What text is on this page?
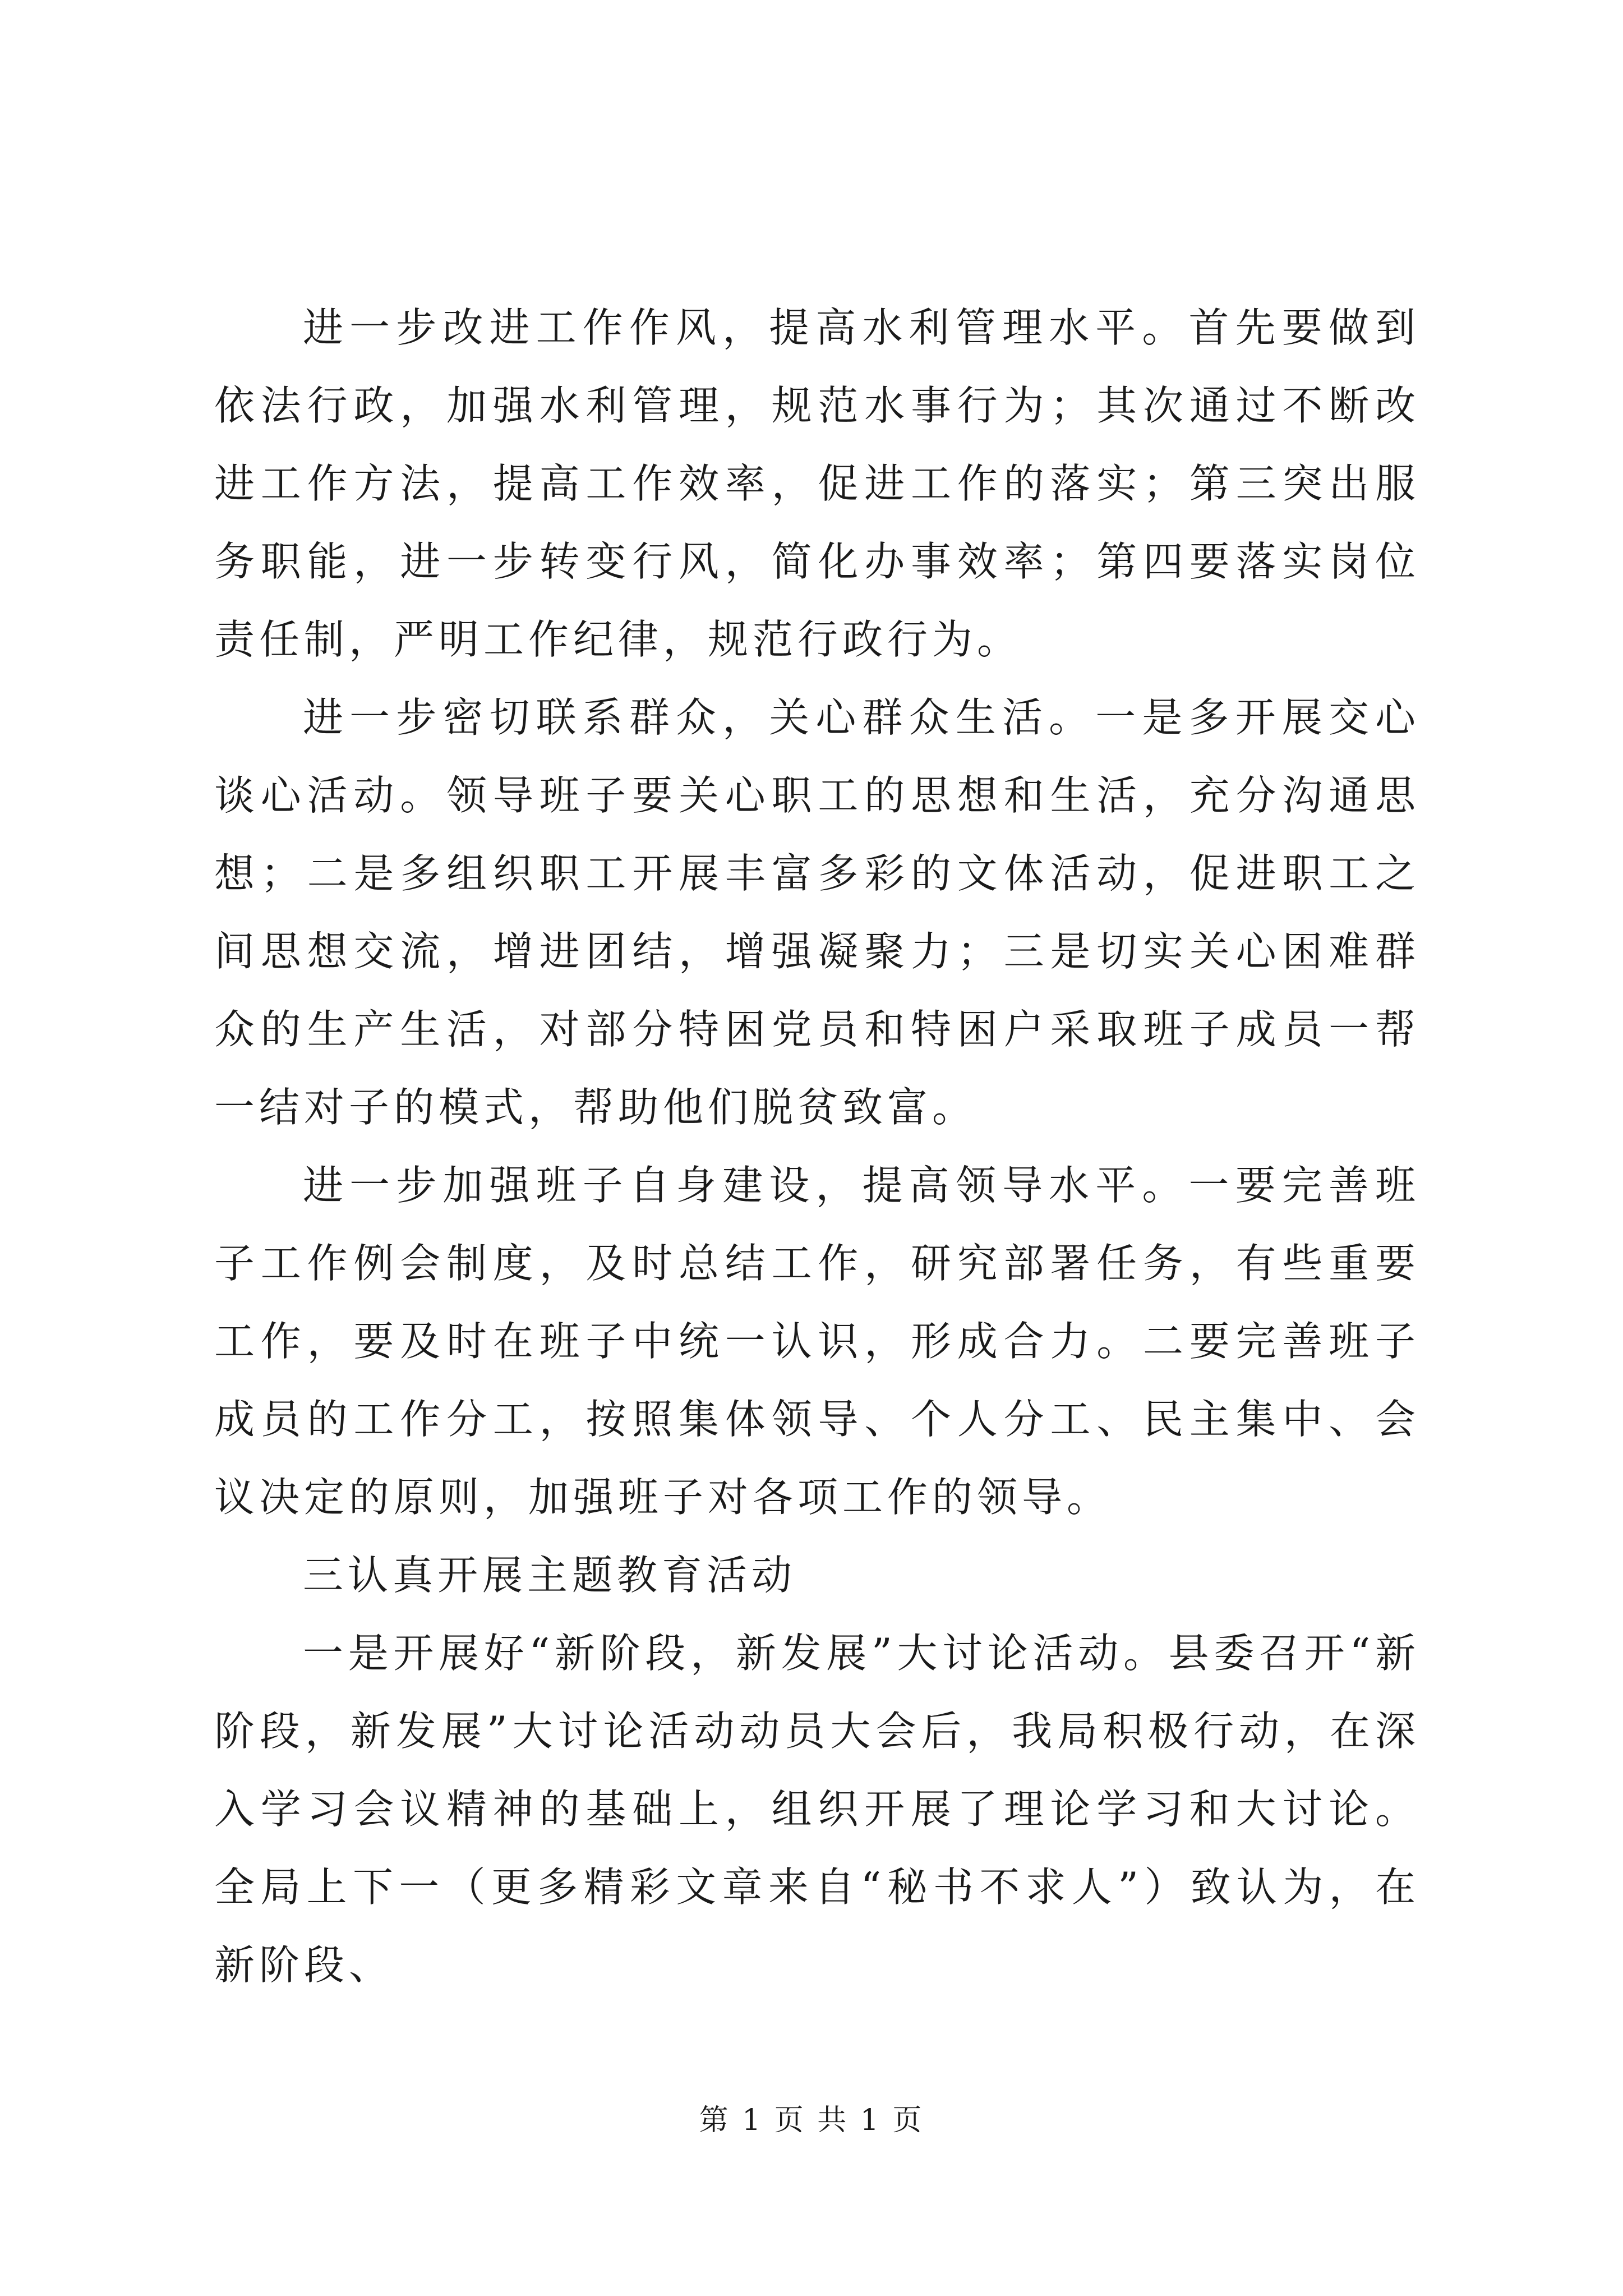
进一步改进工作作风，提高水利管理水平。首先要做到依法行政，加强水利管理，规范水事行为；其次通过不断改进工作方法，提高工作效率，促进工作的落实；第三突出服务职能，进一步转变行风，简化办事效率；第四要落实岗位责任制，严明工作纪律，规范行政行为。

进一步密切联系群众，关心群众生活。一是多开展交心谈心活动。领导班子要关心职工的思想和生活，充分沟通思想；二是多组织职工开展丰富多彩的文体活动，促进职工之间思想交流，增进团结，增强凝聚力；三是切实关心困难群众的生产生活，对部分特困党员和特困户采取班子成员一帮一结对子的模式，帮助他们脱贫致富。

进一步加强班子自身建设，提高领导水平。一要完善班子工作例会制度，及时总结工作，研究部署任务，有些重要工作，要及时在班子中统一认识，形成合力。二要完善班子成员的工作分工，按照集体领导、个人分工、民主集中、会议决定的原则，加强班子对各项工作的领导。

三认真开展主题教育活动

一是开展好“新阶段，新发展”大讨论活动。县委召开“新阶段，新发展”大讨论活动动员大会后，我局积极行动，在深入学习会议精神的基础上，组织开展了理论学习和大讨论。全局上下一（更多精彩文章来自“秘书不求人”）致认为，在新阶段、

第 1 页 共 1 页
